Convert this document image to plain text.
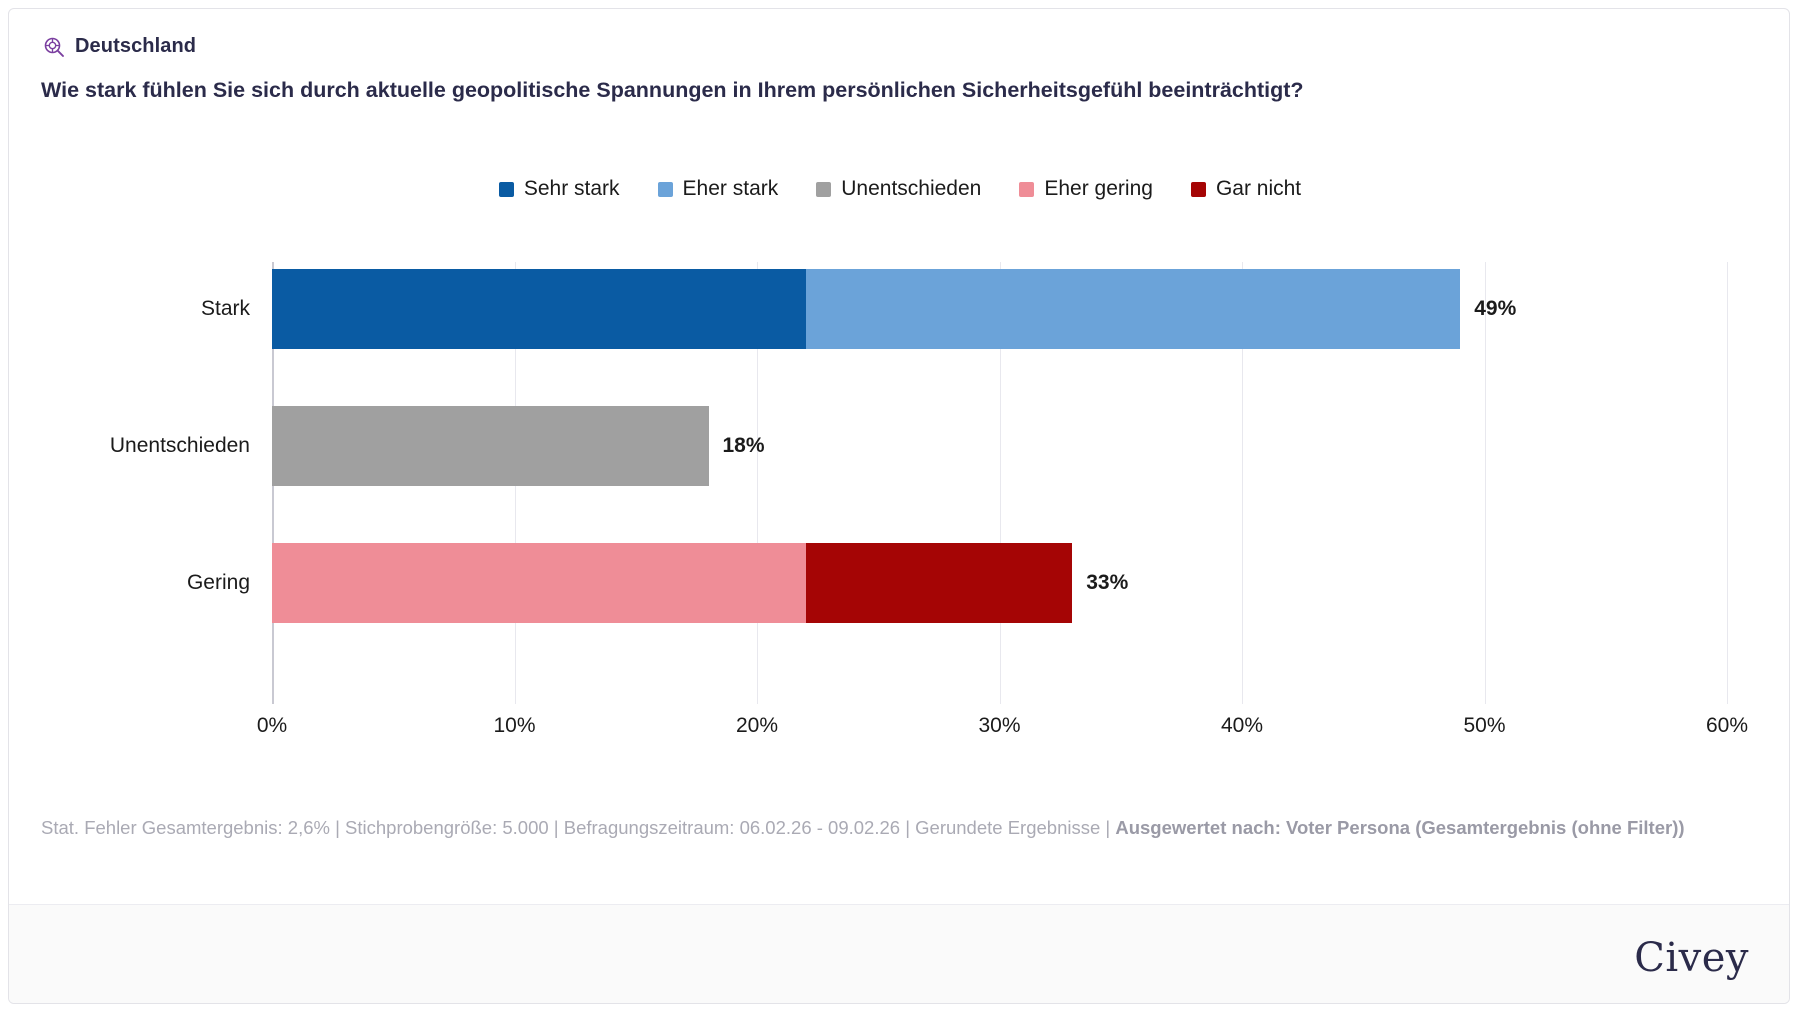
Deutschland
Wie stark fühlen Sie sich durch aktuelle geopolitische Spannungen in Ihrem persönlichen Sicherheitsgefühl beeinträchtigt?
Sehr stark	Eher stark	Unentschieden	Eher gering	Gar nicht
Stark	49%
Unentschieden	18%
Gering	33%
0%	10%	20%	30%	40%	50%	60%
Stat. Fehler Gesamtergebnis: 2,6% | Stichprobengröße: 5.000 | Befragungszeitraum: 06.02.26 - 09.02.26 | Gerundete Ergebnisse | Ausgewertet nach: Voter Persona (Gesamtergebnis (ohne Filter))
Civey
